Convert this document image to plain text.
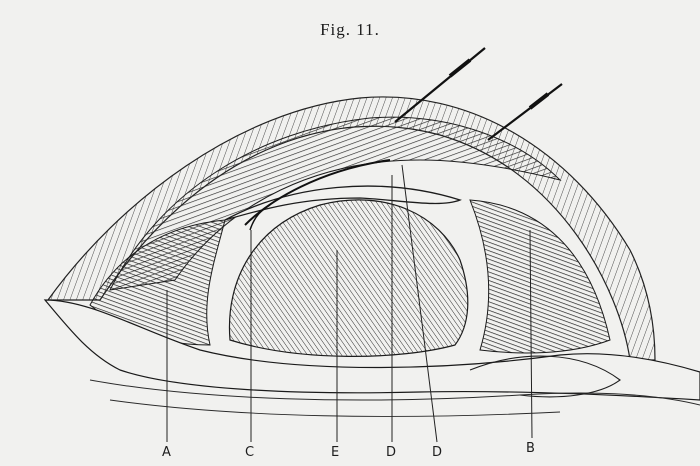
Fig. 11.
A	C	E	D	D	B
